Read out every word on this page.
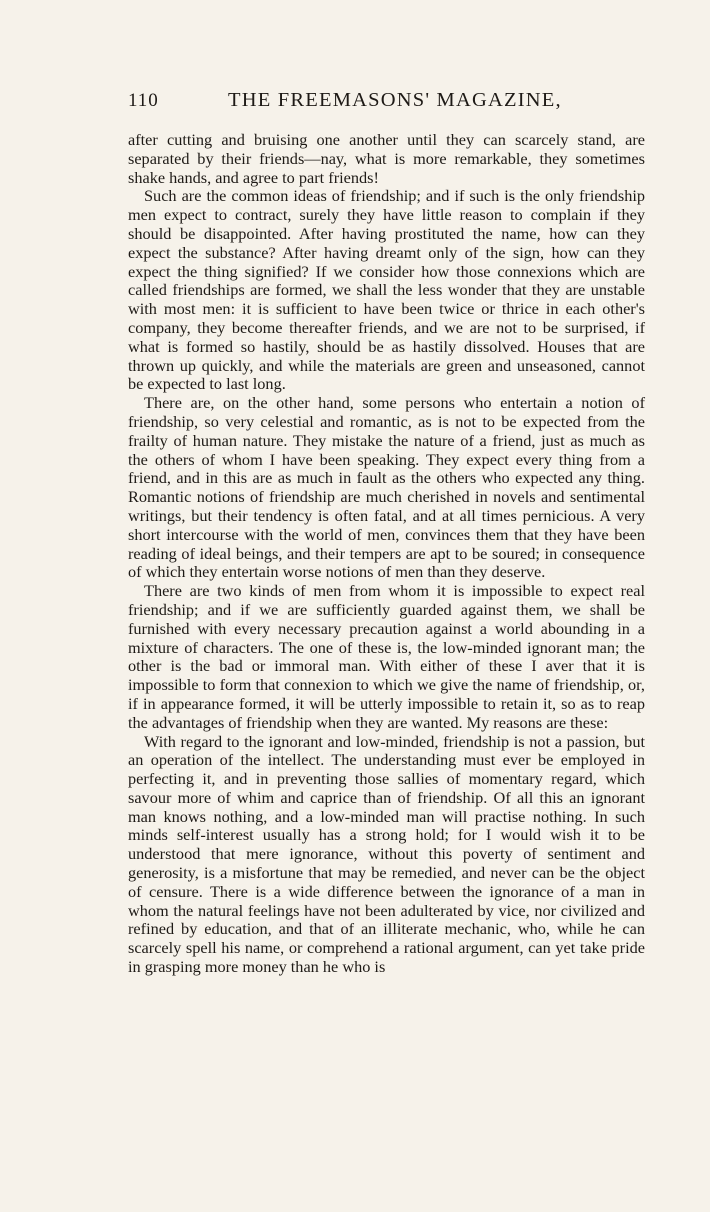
110	THE FREEMASONS' MAGAZINE,

after cutting and bruising one another until they can scarcely stand, are separated by their friends—nay, what is more remarkable, they sometimes shake hands, and agree to part friends!

Such are the common ideas of friendship; and if such is the only friendship men expect to contract, surely they have little reason to complain if they should be disappointed. After having prostituted the name, how can they expect the substance? After having dreamt only of the sign, how can they expect the thing signified? If we consider how those connexions which are called friendships are formed, we shall the less wonder that they are unstable with most men: it is sufficient to have been twice or thrice in each other's company, they become thereafter friends, and we are not to be surprised, if what is formed so hastily, should be as hastily dissolved. Houses that are thrown up quickly, and while the materials are green and unseasoned, cannot be expected to last long.

There are, on the other hand, some persons who entertain a notion of friendship, so very celestial and romantic, as is not to be expected from the frailty of human nature. They mistake the nature of a friend, just as much as the others of whom I have been speaking. They expect every thing from a friend, and in this are as much in fault as the others who expected any thing. Romantic notions of friendship are much cherished in novels and sentimental writings, but their tendency is often fatal, and at all times pernicious. A very short intercourse with the world of men, convinces them that they have been reading of ideal beings, and their tempers are apt to be soured; in consequence of which they entertain worse notions of men than they deserve.

There are two kinds of men from whom it is impossible to expect real friendship; and if we are sufficiently guarded against them, we shall be furnished with every necessary precaution against a world abounding in a mixture of characters. The one of these is, the low-minded ignorant man; the other is the bad or immoral man. With either of these I aver that it is impossible to form that connexion to which we give the name of friendship, or, if in appearance formed, it will be utterly impossible to retain it, so as to reap the advantages of friendship when they are wanted. My reasons are these:

With regard to the ignorant and low-minded, friendship is not a passion, but an operation of the intellect. The understanding must ever be employed in perfecting it, and in preventing those sallies of momentary regard, which savour more of whim and caprice than of friendship. Of all this an ignorant man knows nothing, and a low-minded man will practise nothing. In such minds self-interest usually has a strong hold; for I would wish it to be understood that mere ignorance, without this poverty of sentiment and generosity, is a misfortune that may be remedied, and never can be the object of censure. There is a wide difference between the ignorance of a man in whom the natural feelings have not been adulterated by vice, nor civilized and refined by education, and that of an illiterate mechanic, who, while he can scarcely spell his name, or comprehend a rational argument, can yet take pride in grasping more money than he who is
